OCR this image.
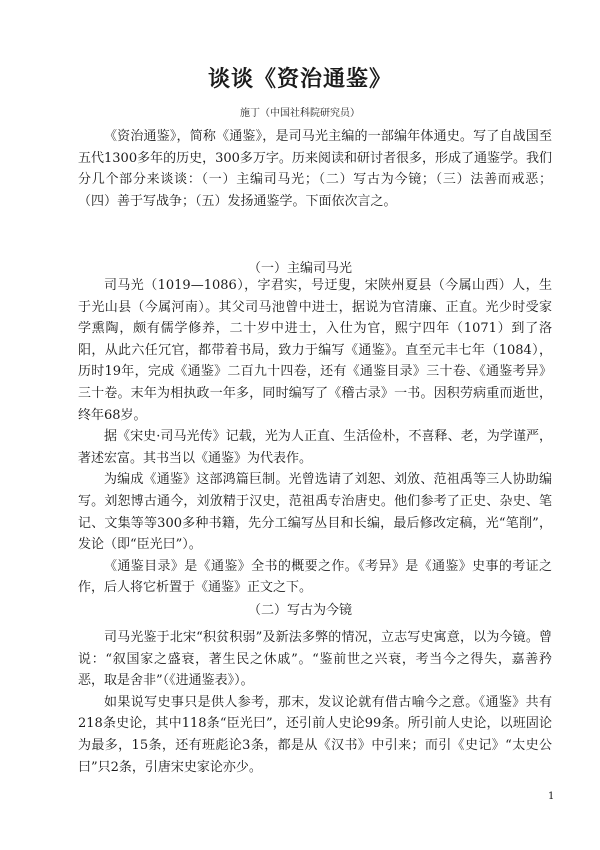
谈谈《资治通鉴》
施丁（中国社科院研究员）

《资治通鉴》，简称《通鉴》，是司马光主编的一部编年体通史。写了自战国至五代1300多年的历史，300多万字。历来阅读和研讨者很多，形成了通鉴学。我们分几个部分来谈谈：（一）主编司马光；（二）写古为今镜；（三）法善而戒恶；（四）善于写战争；（五）发扬通鉴学。下面依次言之。

（一）主编司马光

司马光（1019—1086），字君实，号迂叟，宋陕州夏县（今属山西）人，生于光山县（今属河南）。其父司马池曾中进士，据说为官清廉、正直。光少时受家学熏陶，颇有儒学修养，二十岁中进士，入仕为官，熙宁四年（1071）到了洛阳，从此六任冗官，都带着书局，致力于编写《通鉴》。直至元丰七年（1084），历时19年，完成《通鉴》二百九十四卷，还有《通鉴目录》三十卷、《通鉴考异》三十卷。末年为相执政一年多，同时编写了《稽古录》一书。因积劳病重而逝世，终年68岁。

据《宋史·司马光传》记载，光为人正直、生活俭朴，不喜释、老，为学谨严，著述宏富。其书当以《通鉴》为代表作。

为编成《通鉴》这部鸿篇巨制。光曾选请了刘恕、刘攽、范祖禹等三人协助编写。刘恕博古通今，刘攽精于汉史，范祖禹专治唐史。他们参考了正史、杂史、笔记、文集等等300多种书籍，先分工编写丛目和长编，最后修改定稿，光“笔削”，发论（即“臣光曰”）。

《通鉴目录》是《通鉴》全书的概要之作。《考异》是《通鉴》史事的考证之作，后人将它析置于《通鉴》正文之下。

（二）写古为今镜

司马光鉴于北宋“积贫积弱”及新法多弊的情况，立志写史寓意，以为今镜。曾说：“叙国家之盛衰，著生民之休戚”。“鉴前世之兴衰，考当今之得失，嘉善矜恶，取是舍非”（《进通鉴表》）。

如果说写史事只是供人参考，那末，发议论就有借古喻今之意。《通鉴》共有218条史论，其中118条“臣光曰”，还引前人史论99条。所引前人史论，以班固论为最多，15条，还有班彪论3条，都是从《汉书》中引来；而引《史记》“太史公曰”只2条，引唐宋史家论亦少。

1
